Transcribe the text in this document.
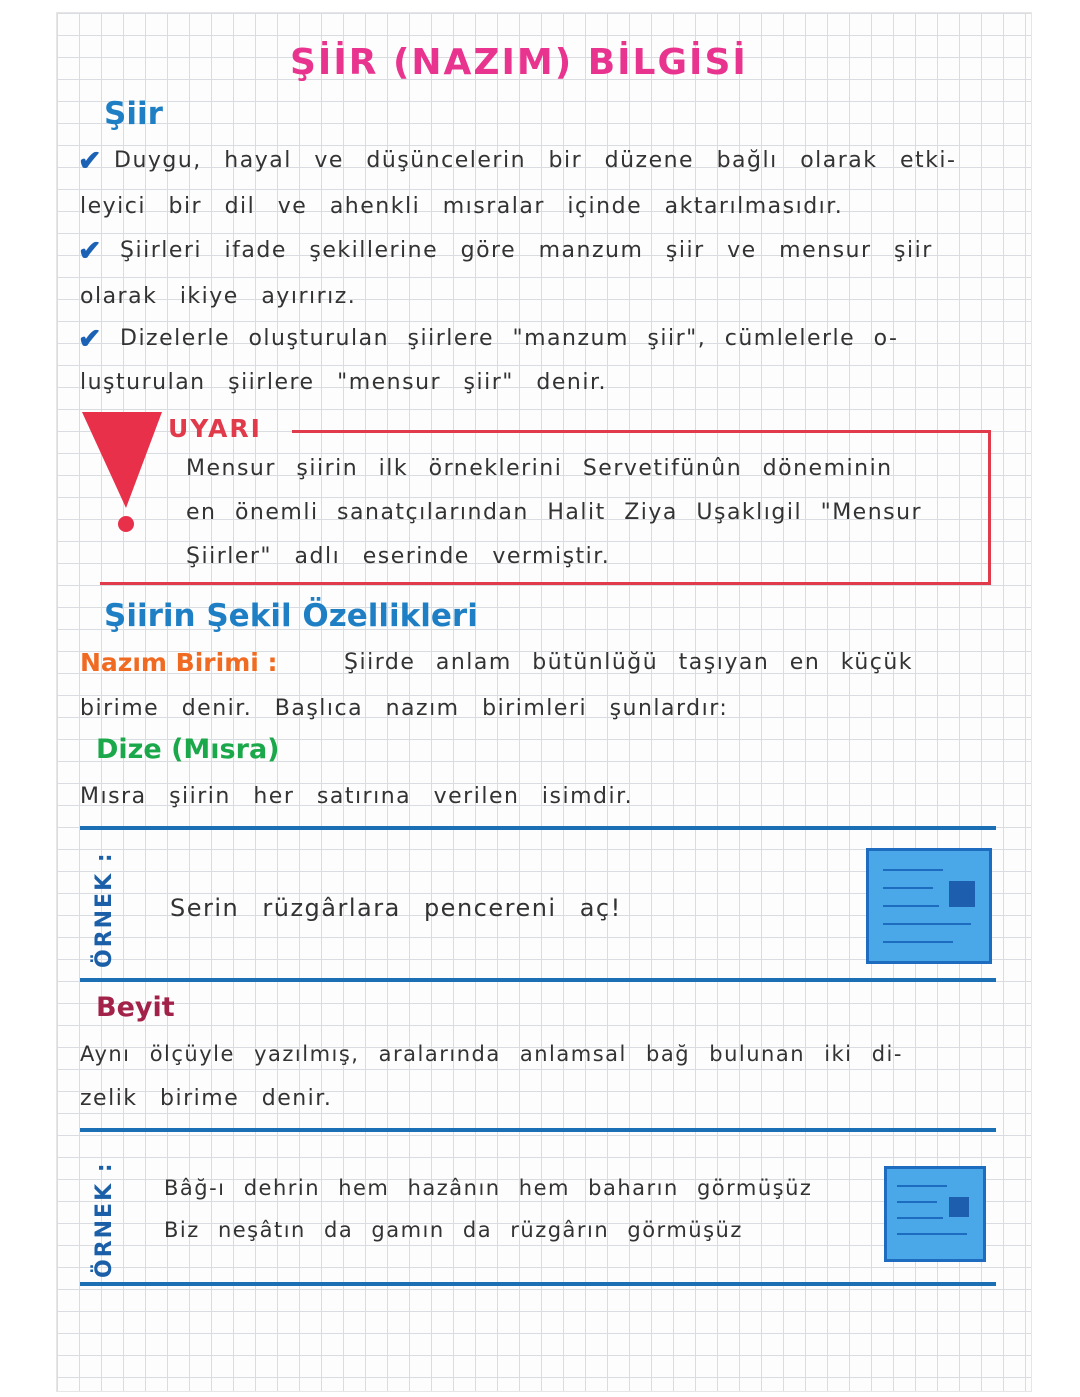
ŞİİR (NAZIM) BİLGİSİ
Şiir
✔ Duygu, hayal ve düşüncelerin bir düzene bağlı olarak etki-
leyici bir dil ve ahenkli mısralar içinde aktarılmasıdır.
✔ Şiirleri ifade şekillerine göre manzum şiir ve mensur şiir
olarak ikiye ayırırız.
✔ Dizelerle oluşturulan şiirlere "manzum şiir", cümlelerle o-
luşturulan şiirlere "mensur şiir" denir.
UYARI
Mensur şiirin ilk örneklerini Servetifünûn döneminin
en önemli sanatçılarından Halit Ziya Uşaklıgil "Mensur
Şiirler" adlı eserinde vermiştir.
Şiirin Şekil Özellikleri
Nazım Birimi :	Şiirde anlam bütünlüğü taşıyan en küçük
birime denir. Başlıca nazım birimleri şunlardır:
Dize (Mısra)
Mısra şiirin her satırına verilen isimdir.
ÖRNEK : Serin rüzgârlara pencereni aç!
Beyit
Aynı ölçüyle yazılmış, aralarında anlamsal bağ bulunan iki di-
zelik birime denir.
ÖRNEK : Bâğ-ı dehrin hem hazânın hem baharın görmüşüz
Biz neşâtın da gamın da rüzgârın görmüşüz
